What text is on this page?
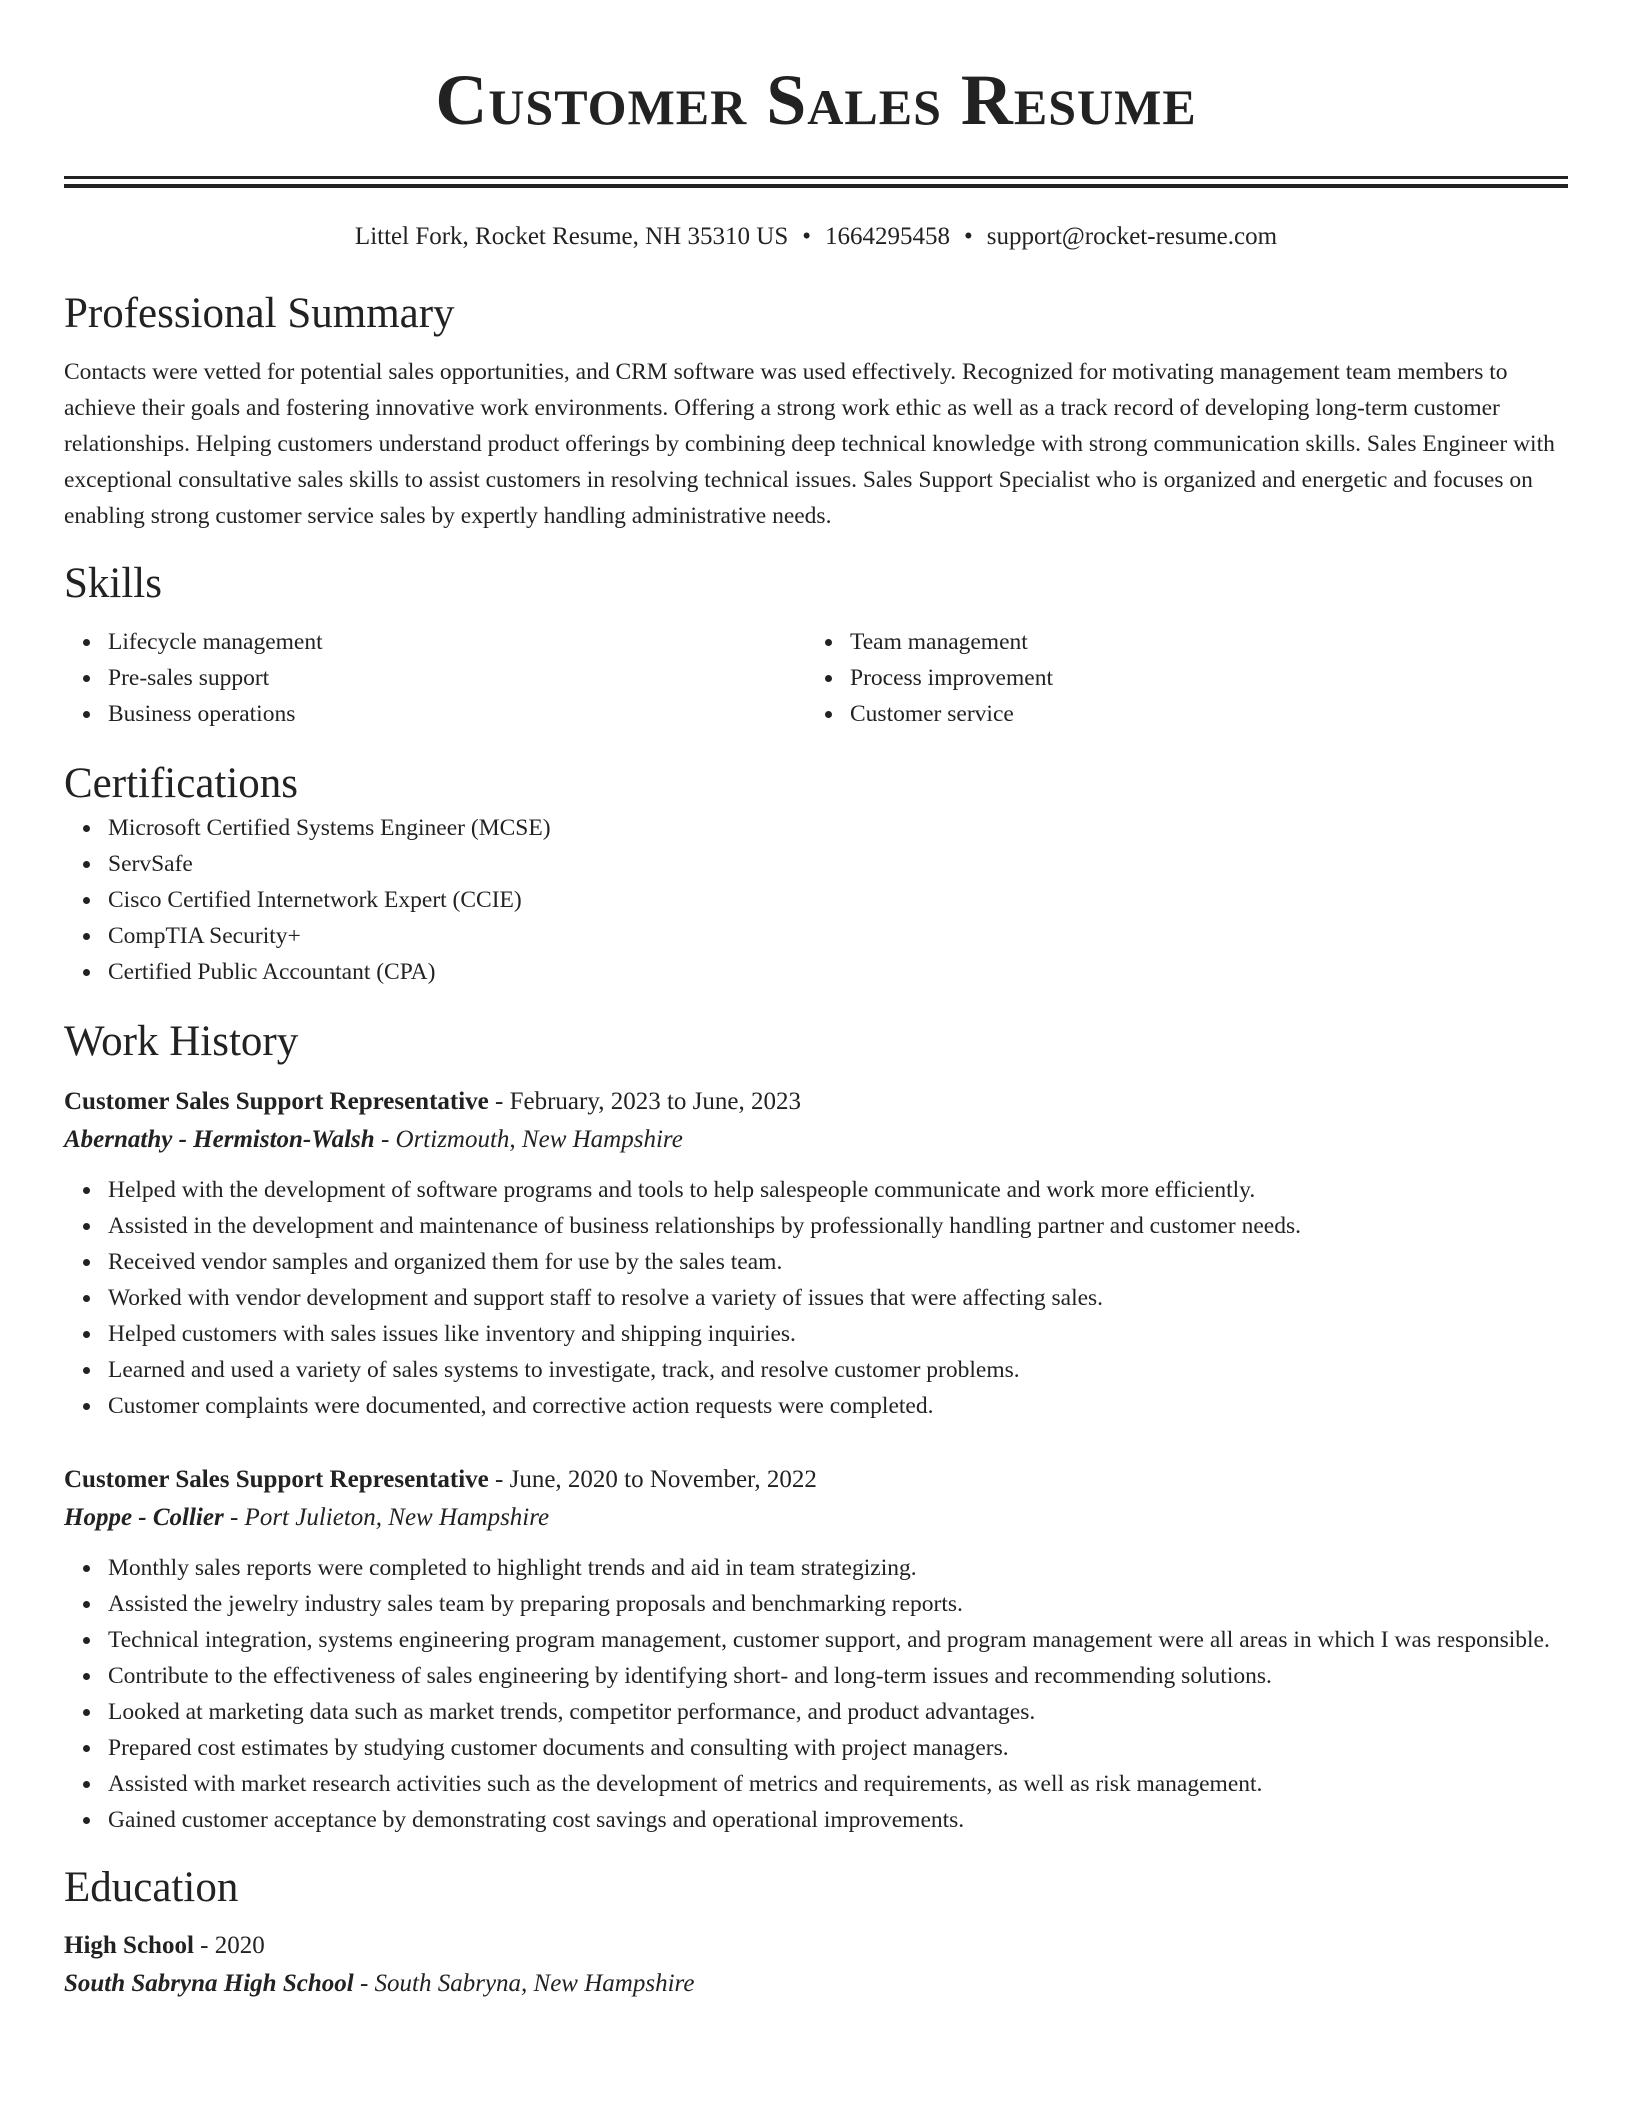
Customer Sales Resume
Littel Fork, Rocket Resume, NH 35310 US • 1664295458 • support@rocket-resume.com
Professional Summary

Contacts were vetted for potential sales opportunities, and CRM software was used effectively. Recognized for motivating management team members to achieve their goals and fostering innovative work environments. Offering a strong work ethic as well as a track record of developing long-term customer relationships. Helping customers understand product offerings by combining deep technical knowledge with strong communication skills. Sales Engineer with exceptional consultative sales skills to assist customers in resolving technical issues. Sales Support Specialist who is organized and energetic and focuses on enabling strong customer service sales by expertly handling administrative needs.

Skills
Lifecycle management
Pre-sales support
Business operations
Team management
Process improvement
Customer service
Certifications
Microsoft Certified Systems Engineer (MCSE)
ServSafe
Cisco Certified Internetwork Expert (CCIE)
CompTIA Security+
Certified Public Accountant (CPA)
Work History
Customer Sales Support Representative - February, 2023 to June, 2023
Abernathy - Hermiston-Walsh - Ortizmouth, New Hampshire
Helped with the development of software programs and tools to help salespeople communicate and work more efficiently.
Assisted in the development and maintenance of business relationships by professionally handling partner and customer needs.
Received vendor samples and organized them for use by the sales team.
Worked with vendor development and support staff to resolve a variety of issues that were affecting sales.
Helped customers with sales issues like inventory and shipping inquiries.
Learned and used a variety of sales systems to investigate, track, and resolve customer problems.
Customer complaints were documented, and corrective action requests were completed.
Customer Sales Support Representative - June, 2020 to November, 2022
Hoppe - Collier - Port Julieton, New Hampshire
Monthly sales reports were completed to highlight trends and aid in team strategizing.
Assisted the jewelry industry sales team by preparing proposals and benchmarking reports.
Technical integration, systems engineering program management, customer support, and program management were all areas in which I was responsible.
Contribute to the effectiveness of sales engineering by identifying short- and long-term issues and recommending solutions.
Looked at marketing data such as market trends, competitor performance, and product advantages.
Prepared cost estimates by studying customer documents and consulting with project managers.
Assisted with market research activities such as the development of metrics and requirements, as well as risk management.
Gained customer acceptance by demonstrating cost savings and operational improvements.
Education
High School - 2020
South Sabryna High School - South Sabryna, New Hampshire
